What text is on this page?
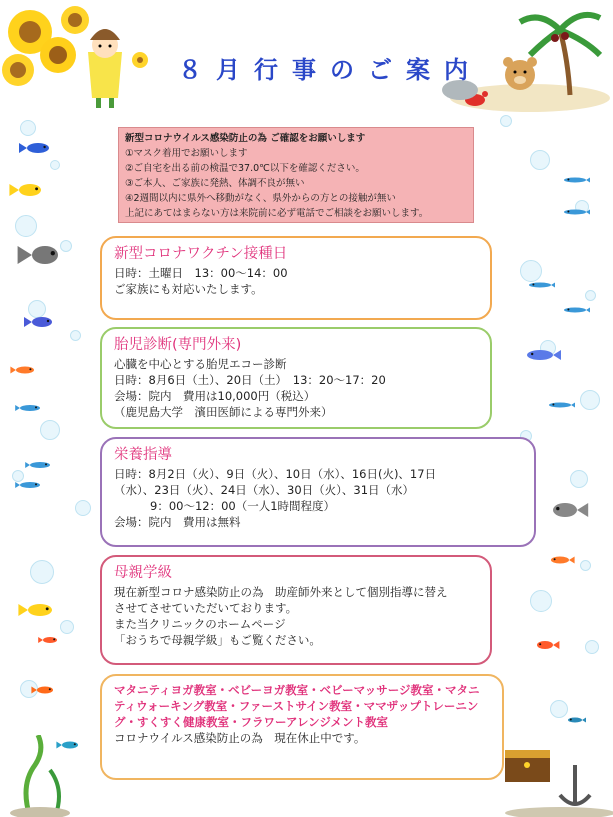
８月行事のご案内
新型コロナウイルス感染防止の為 ご確認をお願いします
①マスク着用でお願いします
②ご自宅を出る前の検温で37.0℃以下を確認ください。
③ご本人、ご家族に発熱、体調不良が無い
④2週間以内に県外へ移動がなく、県外からの方との接触が無い
上記にあてはまらない方は来院前に必ず電話でご相談をお願いします。
新型コロナワクチン接種日
日時：土曜日　13：00～14：00
ご家族にも対応いたします。
胎児診断(専門外来)
心臓を中心とする胎児エコー診断
日時：8月6日（土）、20日（土）　13：20～17：20
会場：院内　費用は10,000円（税込）
（鹿児島大学　濱田医師による専門外来）
栄養指導
日時：8月2日（火）、9日（火）、10日（水）、16日(火)、17日
（水）、23日（火）、24日（水）、30日（火）、31日（水）
9：00～12：00（一人1時間程度）
会場：院内　費用は無料
母親学級
現在新型コロナ感染防止の為　助産師外来として個別指導に替え
させてさせていただいております。
また当クリニックのホームページ
「おうちで母親学級」もご覧ください。
マタニティヨガ教室・ベビーヨガ教室・ベビーマッサージ教室・マタニティウォーキング教室・ファーストサイン教室・ママザップトレーニング・すくすく健康教室・フラワーアレンジメント教室
コロナウイルス感染防止の為　現在休止中です。
